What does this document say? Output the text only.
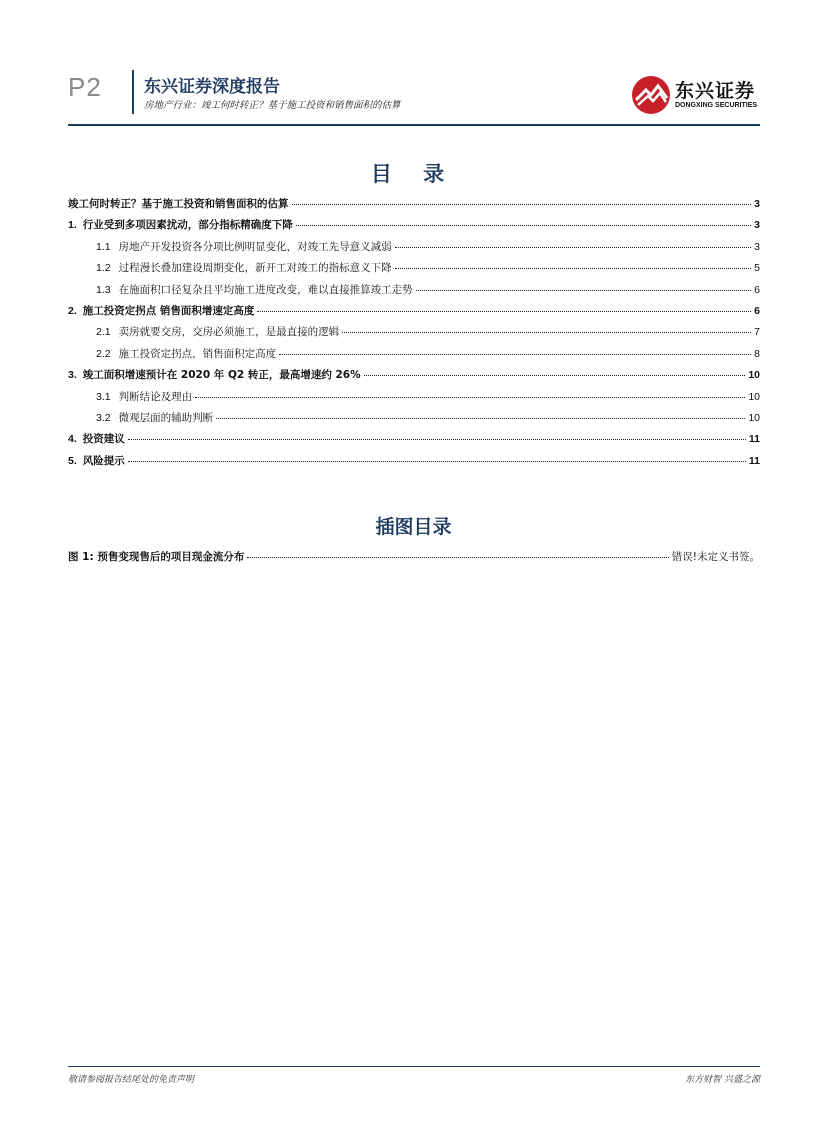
P2 东兴证券深度报告
房地产行业：竣工何时转正？基于施工投资和销售面积的估算
东兴证券
DONGXING SECURITIES
目 录
竣工何时转正？基于施工投资和销售面积的估算	3
1. 行业受到多项因素扰动，部分指标精确度下降	3
1.1 房地产开发投资各分项比例明显变化，对竣工先导意义减弱	3
1.2 过程漫长叠加建设周期变化，新开工对竣工的指标意义下降	5
1.3 在施面积口径复杂且平均施工进度改变，难以直接推算竣工走势	6
2. 施工投资定拐点 销售面积增速定高度	6
2.1 卖房就要交房，交房必须施工，是最直接的逻辑	7
2.2 施工投资定拐点，销售面积定高度	8
3. 竣工面积增速预计在 2020 年 Q2 转正，最高增速约 26%	10
3.1 判断结论及理由	10
3.2 微观层面的辅助判断	10
4. 投资建议	11
5. 风险提示	11
插图目录
图 1: 预售变现售后的项目现金流分布	错误!未定义书签。
敬请参阅报告结尾处的免责声明	东方财智 兴盛之源
